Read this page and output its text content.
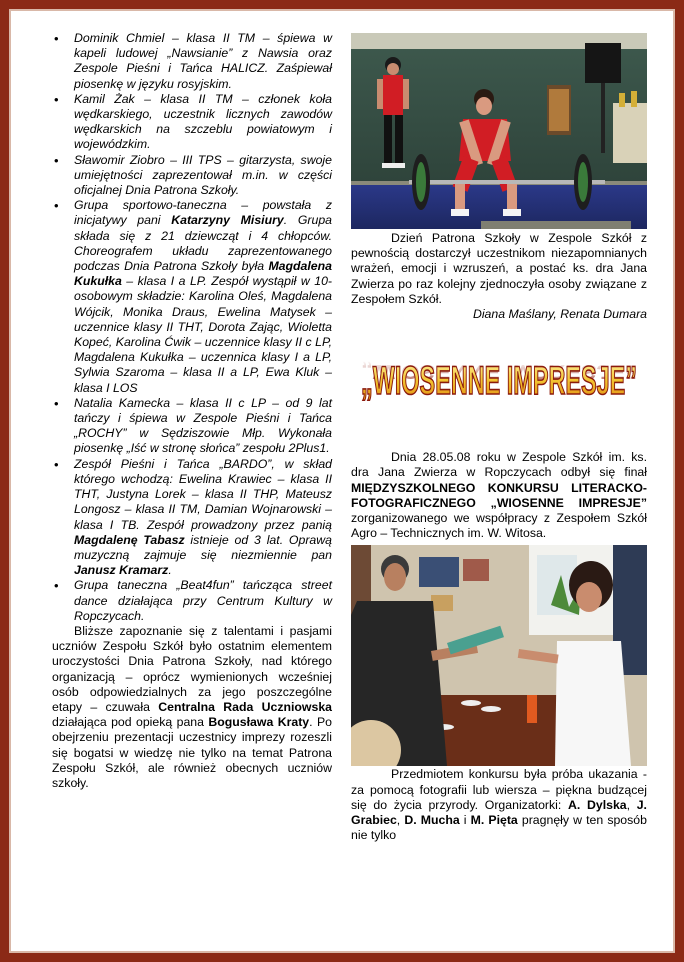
• Dominik Chmiel – klasa II TM – śpiewa w kapeli ludowej „Nawsianie” z Nawsia oraz Zespole Pieśni i Tańca HALICZ. Zaśpiewał piosenkę w języku rosyjskim.
• Kamil Żak – klasa II TM – członek koła wędkarskiego, uczestnik licznych zawodów wędkarskich na szczeblu powiatowym i wojewódzkim.
• Sławomir Ziobro – III TPS – gitarzysta, swoje umiejętności zaprezentował m.in. w części oficjalnej Dnia Patrona Szkoły.
• Grupa sportowo-taneczna – powstała z inicjatywy pani Katarzyny Misiury. Grupa składa się z 21 dziewcząt i 4 chłopców. Choreografem układu zaprezentowanego podczas Dnia Patrona Szkoły była Magdalena Kukułka – klasa I a LP. Zespół wystąpił w 10-osobowym składzie: Karolina Oleś, Magdalena Wójcik, Monika Draus, Ewelina Matysek – uczennice klasy II THT, Dorota Zając, Wioletta Kopeć, Karolina Ćwik – uczennice klasy II c LP, Magdalena Kukułka – uczennica klasy I a LP, Sylwia Szaroma – klasa II a LP, Ewa Kluk – klasa I LOS
• Natalia Kamecka – klasa II c LP – od 9 lat tańczy i śpiewa w Zespole Pieśni i Tańca „ROCHY” w Sędziszowie Młp. Wykonała piosenkę „Iść w stronę słońca” zespołu 2Plus1.
• Zespół Pieśni i Tańca „BARDO”, w skład którego wchodzą: Ewelina Krawiec – klasa II THT, Justyna Lorek – klasa II THP, Mateusz Longosz – klasa II TM, Damian Wojnarowski – klasa I TB. Zespół prowadzony przez panią Magdalenę Tabasz istnieje od 3 lat. Oprawą muzyczną zajmuje się niezmiennie pan Janusz Kramarz.
• Grupa taneczna „Beat4fun” tańcząca street dance działająca przy Centrum Kultury w Ropczycach.

Bliższe zapoznanie się z talentami i pasjami uczniów Zespołu Szkół było ostatnim elementem uroczystości Dnia Patrona Szkoły, nad którego organizacją – oprócz wymienionych wcześniej osób odpowiedzialnych za jego poszczególne etapy – czuwała Centralna Rada Uczniowska działająca pod opieką pana Bogusława Kraty. Po obejrzeniu prezentacji uczestnicy imprezy rozeszli się bogatsi w wiedzę nie tylko na temat Patrona Zespołu Szkół, ale również obecnych uczniów szkoły.

Dzień Patrona Szkoły w Zespole Szkół z pewnością dostarczył uczestnikom niezapomnianych wrażeń, emocji i wzruszeń, a postać ks. dra Jana Zwierza po raz kolejny zjednoczyła osoby związane z Zespołem Szkół.

Diana Maślany, Renata Dumara

„WIOSENNE IMPRESJE”
„WIOSENNE IMPRESJE”

Dnia 28.05.08 roku w Zespole Szkół im. ks. dra Jana Zwierza w Ropczycach odbył się finał MIĘDZYSZKOLNEGO KONKURSU LITERACKO-FOTOGRAFICZNEGO „WIOSENNE IMPRESJE” zorganizowanego we współpracy z Zespołem Szkół Agro – Technicznych im. W. Witosa.

Przedmiotem konkursu była próba ukazania - za pomocą fotografii lub wiersza – piękna budzącej się do życia przyrody. Organizatorki: A. Dylska, J. Grabiec, D. Mucha i M. Pięta pragnęły w ten sposób nie tylko
